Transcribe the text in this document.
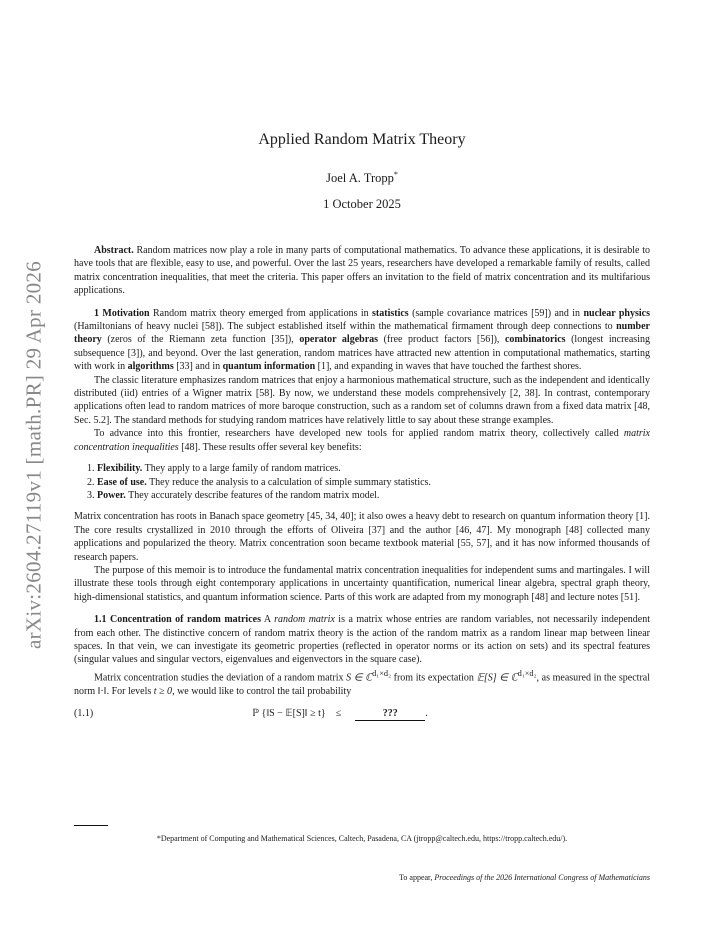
arXiv:2604.27119v1 [math.PR] 29 Apr 2026
Applied Random Matrix Theory
Joel A. Tropp*
1 October 2025

Abstract. Random matrices now play a role in many parts of computational mathematics. To advance these applications, it is desirable to have tools that are flexible, easy to use, and powerful. Over the last 25 years, researchers have developed a remarkable family of results, called matrix concentration inequalities, that meet the criteria. This paper offers an invitation to the field of matrix concentration and its multifarious applications.

1 Motivation Random matrix theory emerged from applications in statistics (sample covariance matrices [59]) and in nuclear physics (Hamiltonians of heavy nuclei [58]). The subject established itself within the mathematical firmament through deep connections to number theory (zeros of the Riemann zeta function [35]), operator algebras (free product factors [56]), combinatorics (longest increasing subsequence [3]), and beyond. Over the last generation, random matrices have attracted new attention in computational mathematics, starting with work in algorithms [33] and in quantum information [1], and expanding in waves that have touched the farthest shores.

The classic literature emphasizes random matrices that enjoy a harmonious mathematical structure, such as the independent and identically distributed (iid) entries of a Wigner matrix [58]. By now, we understand these models comprehensively [2, 38]. In contrast, contemporary applications often lead to random matrices of more baroque construction, such as a random set of columns drawn from a fixed data matrix [48, Sec. 5.2]. The standard methods for studying random matrices have relatively little to say about these strange examples.

To advance into this frontier, researchers have developed new tools for applied random matrix theory, collectively called matrix concentration inequalities [48]. These results offer several key benefits:

1. Flexibility. They apply to a large family of random matrices.
2. Ease of use. They reduce the analysis to a calculation of simple summary statistics.
3. Power. They accurately describe features of the random matrix model.

Matrix concentration has roots in Banach space geometry [45, 34, 40]; it also owes a heavy debt to research on quantum information theory [1]. The core results crystallized in 2010 through the efforts of Oliveira [37] and the author [46, 47]. My monograph [48] collected many applications and popularized the theory. Matrix concentration soon became textbook material [55, 57], and it has now informed thousands of research papers.

The purpose of this memoir is to introduce the fundamental matrix concentration inequalities for independent sums and martingales. I will illustrate these tools through eight contemporary applications in uncertainty quantification, numerical linear algebra, spectral graph theory, high-dimensional statistics, and quantum information science. Parts of this work are adapted from my monograph [48] and lecture notes [51].

1.1 Concentration of random matrices A random matrix is a matrix whose entries are random variables, not necessarily independent from each other. The distinctive concern of random matrix theory is the action of the random matrix as a random linear map between linear spaces. In that vein, we can investigate its geometric properties (reflected in operator norms or its action on sets) and its spectral features (singular values and singular vectors, eigenvalues and eigenvectors in the square case).

Matrix concentration studies the deviation of a random matrix S ∈ ℂ$^{d_1\times d_2}$ from its expectation 𝔼[S] ∈ ℂ$^{d_1\times d_2}$, as measured in the spectral norm ‖·‖. For levels t ≥ 0, we would like to control the tail probability

(1.1)	ℙ {‖S − 𝔼[S]‖ ≥ t} ≤	???	.
*Department of Computing and Mathematical Sciences, Caltech, Pasadena, CA (jtropp@caltech.edu, https://tropp.caltech.edu/).
To appear, Proceedings of the 2026 International Congress of Mathematicians
